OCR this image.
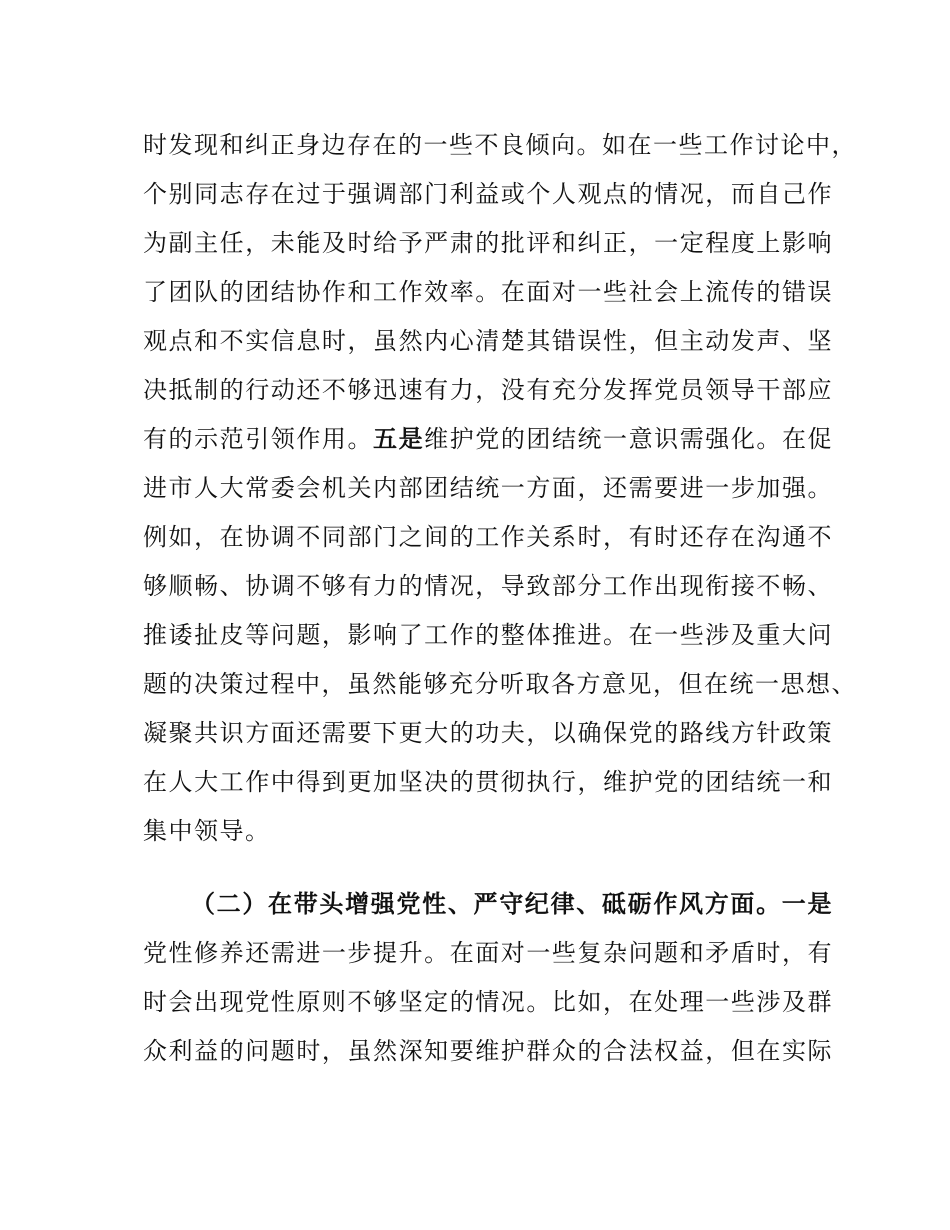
时发现和纠正身边存在的一些不良倾向。如在一些工作讨论中，
个别同志存在过于强调部门利益或个人观点的情况，而自己作
为副主任，未能及时给予严肃的批评和纠正，一定程度上影响
了团队的团结协作和工作效率。在面对一些社会上流传的错误
观点和不实信息时，虽然内心清楚其错误性，但主动发声、坚
决抵制的行动还不够迅速有力，没有充分发挥党员领导干部应
有的示范引领作用。五是维护党的团结统一意识需强化。在促
进市人大常委会机关内部团结统一方面，还需要进一步加强。
例如，在协调不同部门之间的工作关系时，有时还存在沟通不
够顺畅、协调不够有力的情况，导致部分工作出现衔接不畅、
推诿扯皮等问题，影响了工作的整体推进。在一些涉及重大问
题的决策过程中，虽然能够充分听取各方意见，但在统一思想、
凝聚共识方面还需要下更大的功夫，以确保党的路线方针政策
在人大工作中得到更加坚决的贯彻执行，维护党的团结统一和
集中领导。
（二）在带头增强党性、严守纪律、砥砺作风方面。一是
党性修养还需进一步提升。在面对一些复杂问题和矛盾时，有
时会出现党性原则不够坚定的情况。比如，在处理一些涉及群
众利益的问题时，虽然深知要维护群众的合法权益，但在实际
